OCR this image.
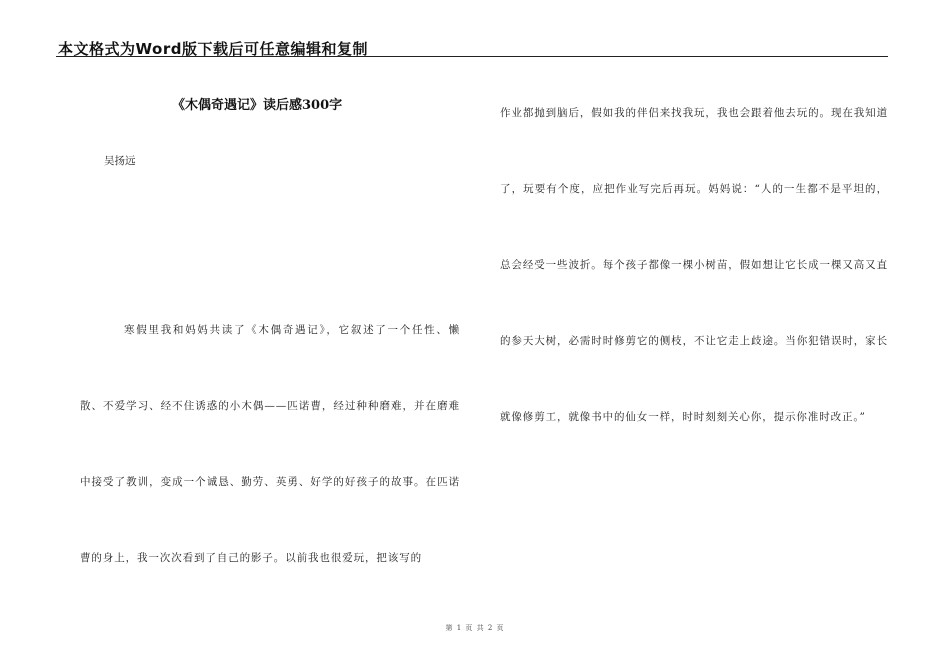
本文格式为Word版下载后可任意编辑和复制
《木偶奇遇记》读后感300字
吴扬远

寒假里我和妈妈共读了《木偶奇遇记》，它叙述了一个任性、懒散、不爱学习、经不住诱惑的小木偶——匹诺曹，经过种种磨难，并在磨难中接受了教训，变成一个诚恳、勤劳、英勇、好学的好孩子的故事。在匹诺曹的身上，我一次次看到了自己的影子。以前我也很爱玩，把该写的

作业都抛到脑后，假如我的伴侣来找我玩，我也会跟着他去玩的。现在我知道了，玩要有个度，应把作业写完后再玩。妈妈说：“人的一生都不是平坦的，总会经受一些波折。每个孩子都像一棵小树苗，假如想让它长成一棵又高又直的参天大树，必需时时修剪它的侧枝，不让它走上歧途。当你犯错误时，家长就像修剪工，就像书中的仙女一样，时时刻刻关心你，提示你准时改正。”

第 1 页 共 2 页
